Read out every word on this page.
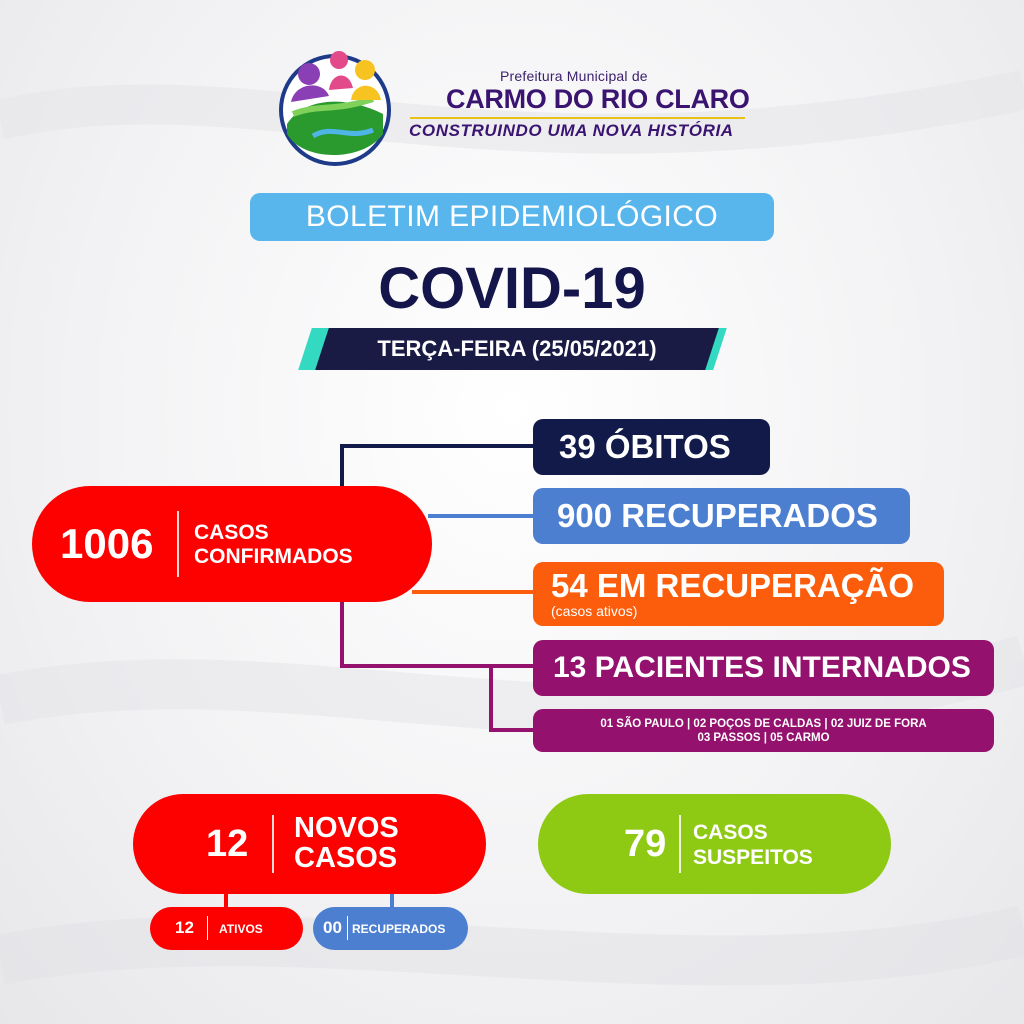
Prefeitura Municipal de
CARMO DO RIO CLARO
CONSTRUINDO UMA NOVA HISTÓRIA
BOLETIM EPIDEMIOLÓGICO
COVID-19
TERÇA-FEIRA (25/05/2021)
1006 CASOS
CONFIRMADOS
39 ÓBITOS
900 RECUPERADOS
54 EM RECUPERAÇÃO
(casos ativos)
13 PACIENTES INTERNADOS
01 SÃO PAULO | 02 POÇOS DE CALDAS | 02 JUIZ DE FORA
03 PASSOS | 05 CARMO
12 NOVOS
CASOS
12 ATIVOS	00 RECUPERADOS
79 CASOS
SUSPEITOS
